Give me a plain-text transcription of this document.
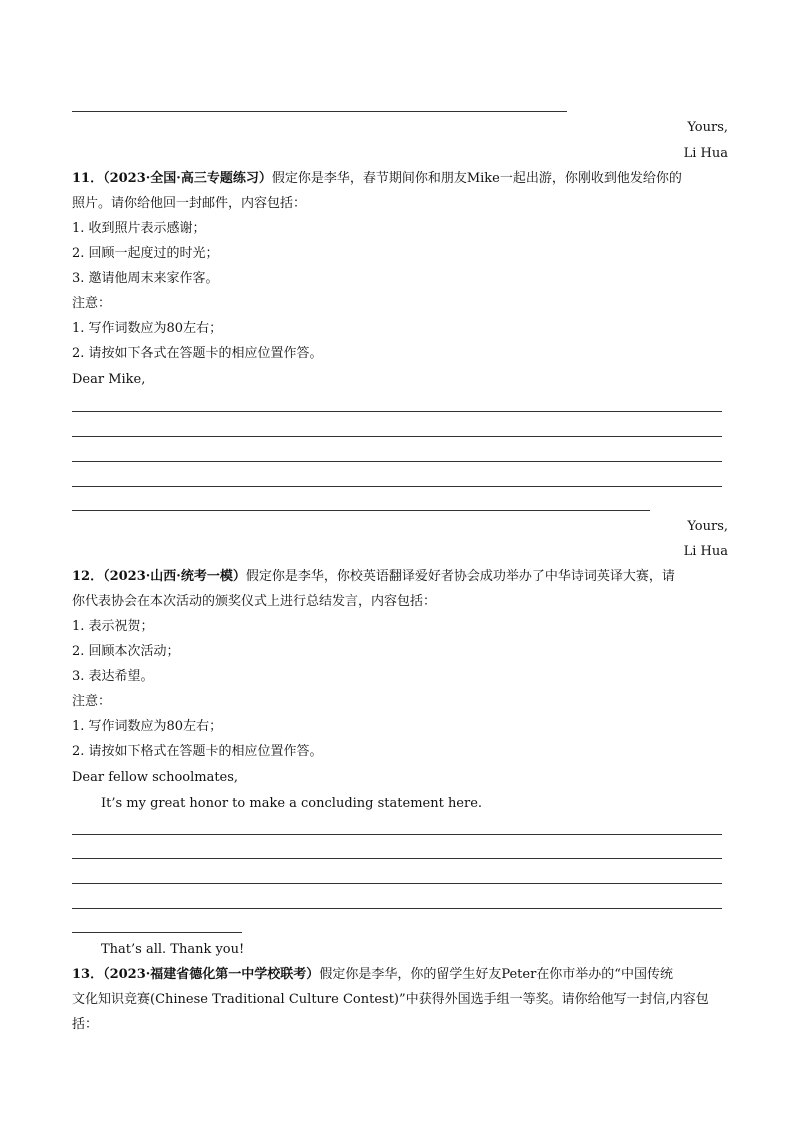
Yours,
Li Hua
11．（2023·全国·高三专题练习）假定你是李华，春节期间你和朋友Mike一起出游，你刚收到他发给你的
照片。请你给他回一封邮件，内容包括：
1. 收到照片表示感谢；
2. 回顾一起度过的时光；
3. 邀请他周末来家作客。
注意：
1. 写作词数应为80左右；
2. 请按如下各式在答题卡的相应位置作答。
Dear Mike,
Yours,
Li Hua
12．（2023·山西·统考一模）假定你是李华，你校英语翻译爱好者协会成功举办了中华诗词英译大赛，请
你代表协会在本次活动的颁奖仪式上进行总结发言，内容包括：
1. 表示祝贺；
2. 回顾本次活动；
3. 表达希望。
注意：
1. 写作词数应为80左右；
2. 请按如下格式在答题卡的相应位置作答。
Dear fellow schoolmates,
It’s my great honor to make a concluding statement here.
That’s all. Thank you!
13．（2023·福建省德化第一中学校联考）假定你是李华，你的留学生好友Peter在你市举办的“中国传统
文化知识竞赛(Chinese Traditional Culture Contest)”中获得外国选手组一等奖。请你给他写一封信,内容包
括：
